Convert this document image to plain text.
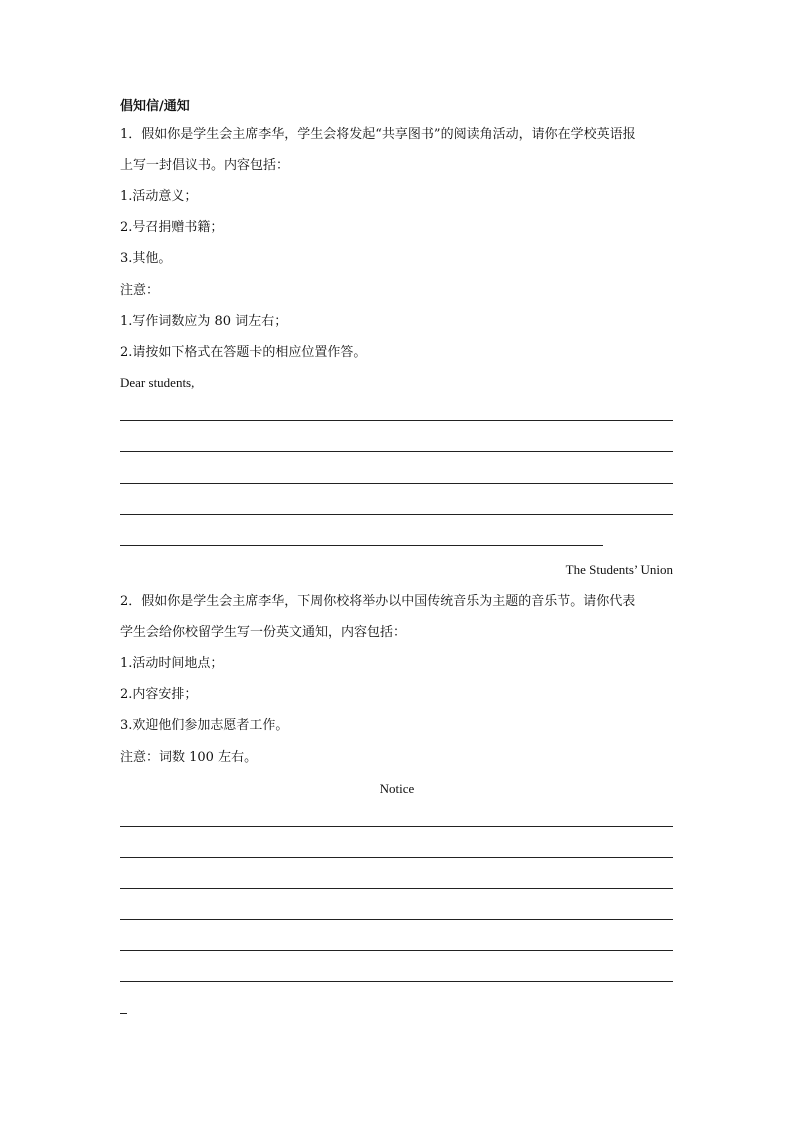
倡知信/通知
1．假如你是学生会主席李华，学生会将发起“共享图书”的阅读角活动，请你在学校英语报
上写一封倡议书。内容包括：
1.活动意义；
2.号召捐赠书籍；
3.其他。
注意：
1.写作词数应为 80 词左右；
2.请按如下格式在答题卡的相应位置作答。
Dear students,
The Students’ Union
2．假如你是学生会主席李华，下周你校将举办以中国传统音乐为主题的音乐节。请你代表
学生会给你校留学生写一份英文通知，内容包括：
1.活动时间地点；
2.内容安排；
3.欢迎他们参加志愿者工作。
注意：词数 100 左右。
Notice
